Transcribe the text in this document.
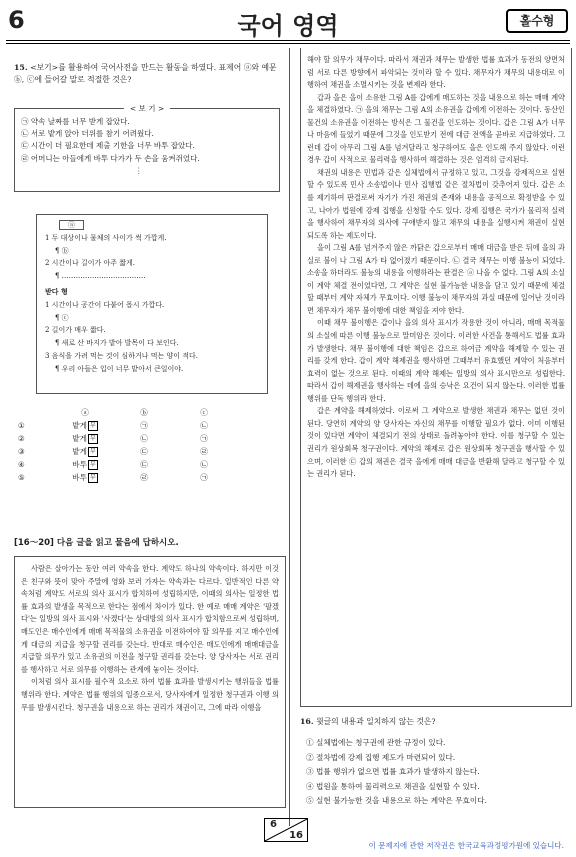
6	국어 영역	홀수형
15. <보기>를 활용하여 국어사전을 만드는 활동을 하였다. 표제어 ⓐ와 예문 ⓑ, ⓒ에 들어갈 말로 적절한 것은?
< 보 기 >
㉠ 약속 날짜를 너무 받게 잡았다.
㉡ 서로 밭게 앉아 더위를 참기 어려웠다.
㉢ 시간이 더 필요한데 제출 기한을 너무 바투 잡았다.
㉣ 어머니는 아들에게 바투 다가가 두 손을 움켜쥐었다.
⋮
ⓐ
1 두 대상이나 물체의 사이가 썩 가깝게.
¶ ⓑ
2 시간이나 길이가 아주 짧게.
¶ ………………………………
받다 형
1 시간이나 공간이 다붙어 몹시 가깝다.
¶ ⓒ
2 길이가 매우 짧다.
¶ 새로 산 바지가 밭아 발목이 다 보인다.
3 음식을 가려 먹는 것이 심하거나 먹는 양이 적다.
¶ 우리 아들은 입이 너무 밭아서 큰일이야.
ⓐ	ⓑ	ⓒ
①	밭게 부	㉠	㉡
②	밭게 부	㉡	㉠
③	밭게 부	㉢	㉣
④	바투 부	㉢	㉡
⑤	바투 부	㉣	㉠
[16～20] 다음 글을 읽고 물음에 답하시오.

사람은 살아가는 동안 여러 약속을 한다. 계약도 하나의 약속이다. 하지만 이것은 친구와 뜻이 맞아 주말에 영화 보러 가자는 약속과는 다르다. 일반적인 다른 약속처럼 계약도 서로의 의사 표시가 합치하여 성립하지만, 이때의 의사는 일정한 법률 효과의 발생을 목적으로 한다는 점에서 차이가 있다. 한 예로 매매 계약은 '팔겠다'는 일방의 의사 표시와 '사겠다'는 상대방의 의사 표시가 합치함으로써 성립하며, 매도인은 매수인에게 매매 목적물의 소유권을 이전하여야 할 의무를 지고 매수인에게 대금의 지급을 청구할 권리를 갖는다. 반대로 매수인은 매도인에게 매매대금을 지급할 의무가 있고 소유권의 이전을 청구할 권리를 갖는다. 양 당사자는 서로 권리를 행사하고 서로 의무를 이행하는 관계에 놓이는 것이다.

이처럼 의사 표시를 필수적 요소로 하여 법률 효과를 발생시키는 행위들을 법률 행위라 한다. 계약은 법률 행위의 일종으로서, 당사자에게 일정한 청구권과 이행 의무를 발생시킨다. 청구권을 내용으로 하는 권리가 채권이고, 그에 따라 이행을

해야 할 의무가 채무이다. 따라서 채권과 채무는 발생한 법률 효과가 동전의 양면처럼 서로 다른 방향에서 파악되는 것이라 할 수 있다. 채무자가 채무의 내용대로 이행하여 채권을 소멸시키는 것을 변제라 한다.

갑과 을은 을이 소유한 그림 A를 갑에게 매도하는 것을 내용으로 하는 매매 계약을 체결하였다. ㉠ 을의 채무는 그림 A의 소유권을 갑에게 이전하는 것이다. 동산인 물건의 소유권을 이전하는 방식은 그 물건을 인도하는 것이다. 갑은 그림 A가 너무나 마음에 들었기 때문에 그것을 인도받기 전에 대금 전액을 곧바로 지급하였다. 그런데 갑이 아무리 그림 A를 넘겨달라고 청구하여도 을은 인도해 주지 않았다. 이런 경우 갑이 사적으로 물리력을 행사하여 해결하는 것은 엄격히 금지된다.

채권의 내용은 민법과 같은 실체법에서 규정하고 있고, 그것을 강제적으로 실현할 수 있도록 민사 소송법이나 민사 집행법 같은 절차법이 갖추어져 있다. 갑은 소를 제기하여 판결로써 자기가 가진 채권의 존재와 내용을 공적으로 확정받을 수 있고, 나아가 법원에 강제 집행을 신청할 수도 있다. 강제 집행은 국가가 물리적 실력을 행사하여 채무자의 의사에 구애받지 않고 채무의 내용을 실행시켜 채권이 실현되도록 하는 제도이다.

을이 그림 A를 넘겨주지 않은 까닭은 갑으로부터 매매 대금을 받은 뒤에 을의 과실로 불이 나 그림 A가 타 없어졌기 때문이다. ㉡ 결국 채무는 이행 불능이 되었다. 소송을 하더라도 불능의 내용을 이행하라는 판결은 ⓐ 나올 수 없다. 그림 A의 소실이 계약 체결 전이었다면, 그 계약은 실현 불가능한 내용을 담고 있기 때문에 체결할 때부터 계약 자체가 무효이다. 이행 불능이 채무자의 과실 때문에 일어난 것이라면 채무자가 채무 불이행에 대한 책임을 져야 한다.

이때 채무 불이행은 갑이나 을의 의사 표시가 작용한 것이 아니라, 매매 목적물의 소실에 따른 이행 불능으로 말미암은 것이다. 이러한 사건을 통해서도 법률 효과가 발생한다. 채무 불이행에 대한 책임은 갑으로 하여금 계약을 해제할 수 있는 권리를 갖게 한다. 갑이 계약 해제권을 행사하면 그때부터 유효했던 계약이 처음부터 효력이 없는 것으로 된다. 이때의 계약 해제는 일방의 의사 표시만으로 성립한다. 따라서 갑이 해제권을 행사하는 데에 을의 승낙은 요건이 되지 않는다. 이러한 법률 행위를 단독 행위라 한다.

갑은 계약을 해제하였다. 이로써 그 계약으로 발생한 채권과 채무는 없던 것이 된다. 당연히 계약의 양 당사자는 자신의 채무를 이행할 필요가 없다. 이미 이행된 것이 있다면 계약이 체결되기 전의 상태로 돌려놓아야 한다. 이를 청구할 수 있는 권리가 원상회복 청구권이다. 계약의 해제로 갑은 원상회복 청구권을 행사할 수 있으며, 이러한 ㉢ 갑의 채권은 결국 을에게 매매 대금을 반환해 달라고 청구할 수 있는 권리가 된다.

16. 윗글의 내용과 일치하지 않는 것은?
① 실체법에는 청구권에 관한 규정이 있다.
② 절차법에 강제 집행 제도가 마련되어 있다.
③ 법률 행위가 없으면 법률 효과가 발생하지 않는다.
④ 법원을 통하여 물리력으로 채권을 실현할 수 있다.
⑤ 실현 불가능한 것을 내용으로 하는 계약은 무효이다.
6
16
이 문제지에 관한 저작권은 한국교육과정평가원에 있습니다.
